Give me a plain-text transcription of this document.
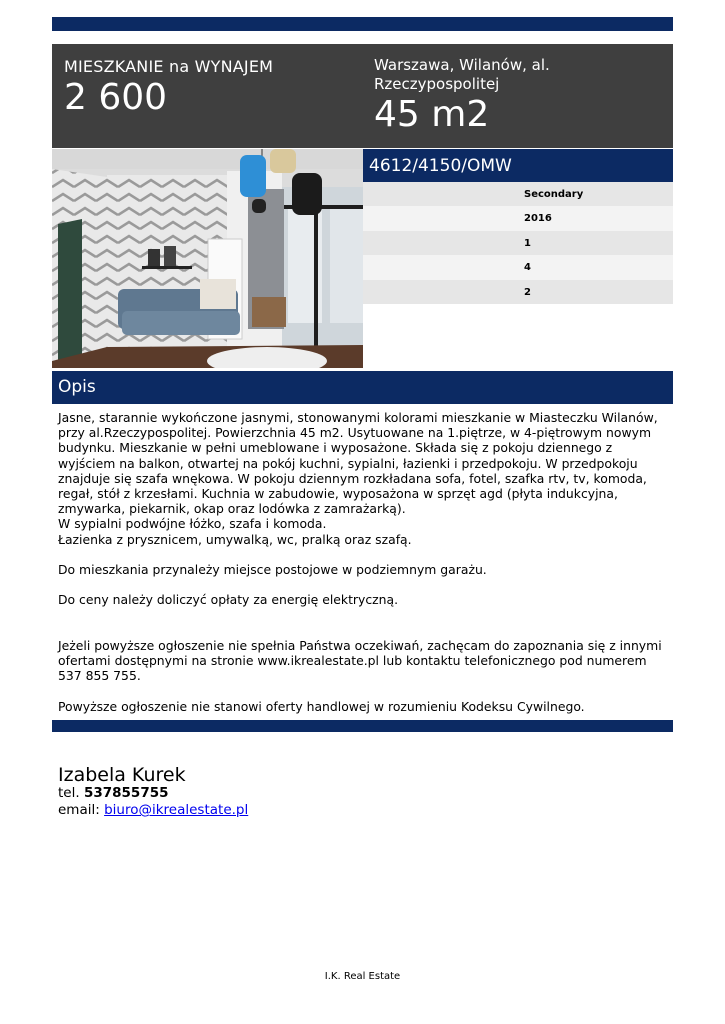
MIESZKANIE na WYNAJEM
2 600
Warszawa, Wilanów, al. Rzeczypospolitej
45 m2
4612/4150/OMW
Secondary
2016
1
4
2
Opis

Jasne, starannie wykończone jasnymi, stonowanymi kolorami mieszkanie w Miasteczku Wilanów, przy al.Rzeczypospolitej. Powierzchnia 45 m2. Usytuowane na 1.piętrze, w 4-piętrowym nowym budynku. Mieszkanie w pełni umeblowane i wyposażone. Składa się z pokoju dziennego z wyjściem na balkon, otwartej na pokój kuchni, sypialni, łazienki i przedpokoju. W przedpokoju znajduje się szafa wnękowa. W pokoju dziennym rozkładana sofa, fotel, szafka rtv, tv, komoda, regał, stół z krzesłami. Kuchnia w zabudowie, wyposażona w sprzęt agd (płyta indukcyjna, zmywarka, piekarnik, okap oraz lodówka z zamrażarką).

W sypialni podwójne łóżko, szafa i komoda.

Łazienka z prysznicem, umywalką, wc, pralką oraz szafą.

Do mieszkania przynależy miejsce postojowe w podziemnym garażu.

Do ceny należy doliczyć opłaty za energię elektryczną.

Jeżeli powyższe ogłoszenie nie spełnia Państwa oczekiwań, zachęcam do zapoznania się z innymi ofertami dostępnymi na stronie www.ikrealestate.pl lub kontaktu telefonicznego pod numerem 537 855 755.

Powyższe ogłoszenie nie stanowi oferty handlowej w rozumieniu Kodeksu Cywilnego.

Izabela Kurek
tel. 537855755
email: biuro@ikrealestate.pl
I.K. Real Estate
